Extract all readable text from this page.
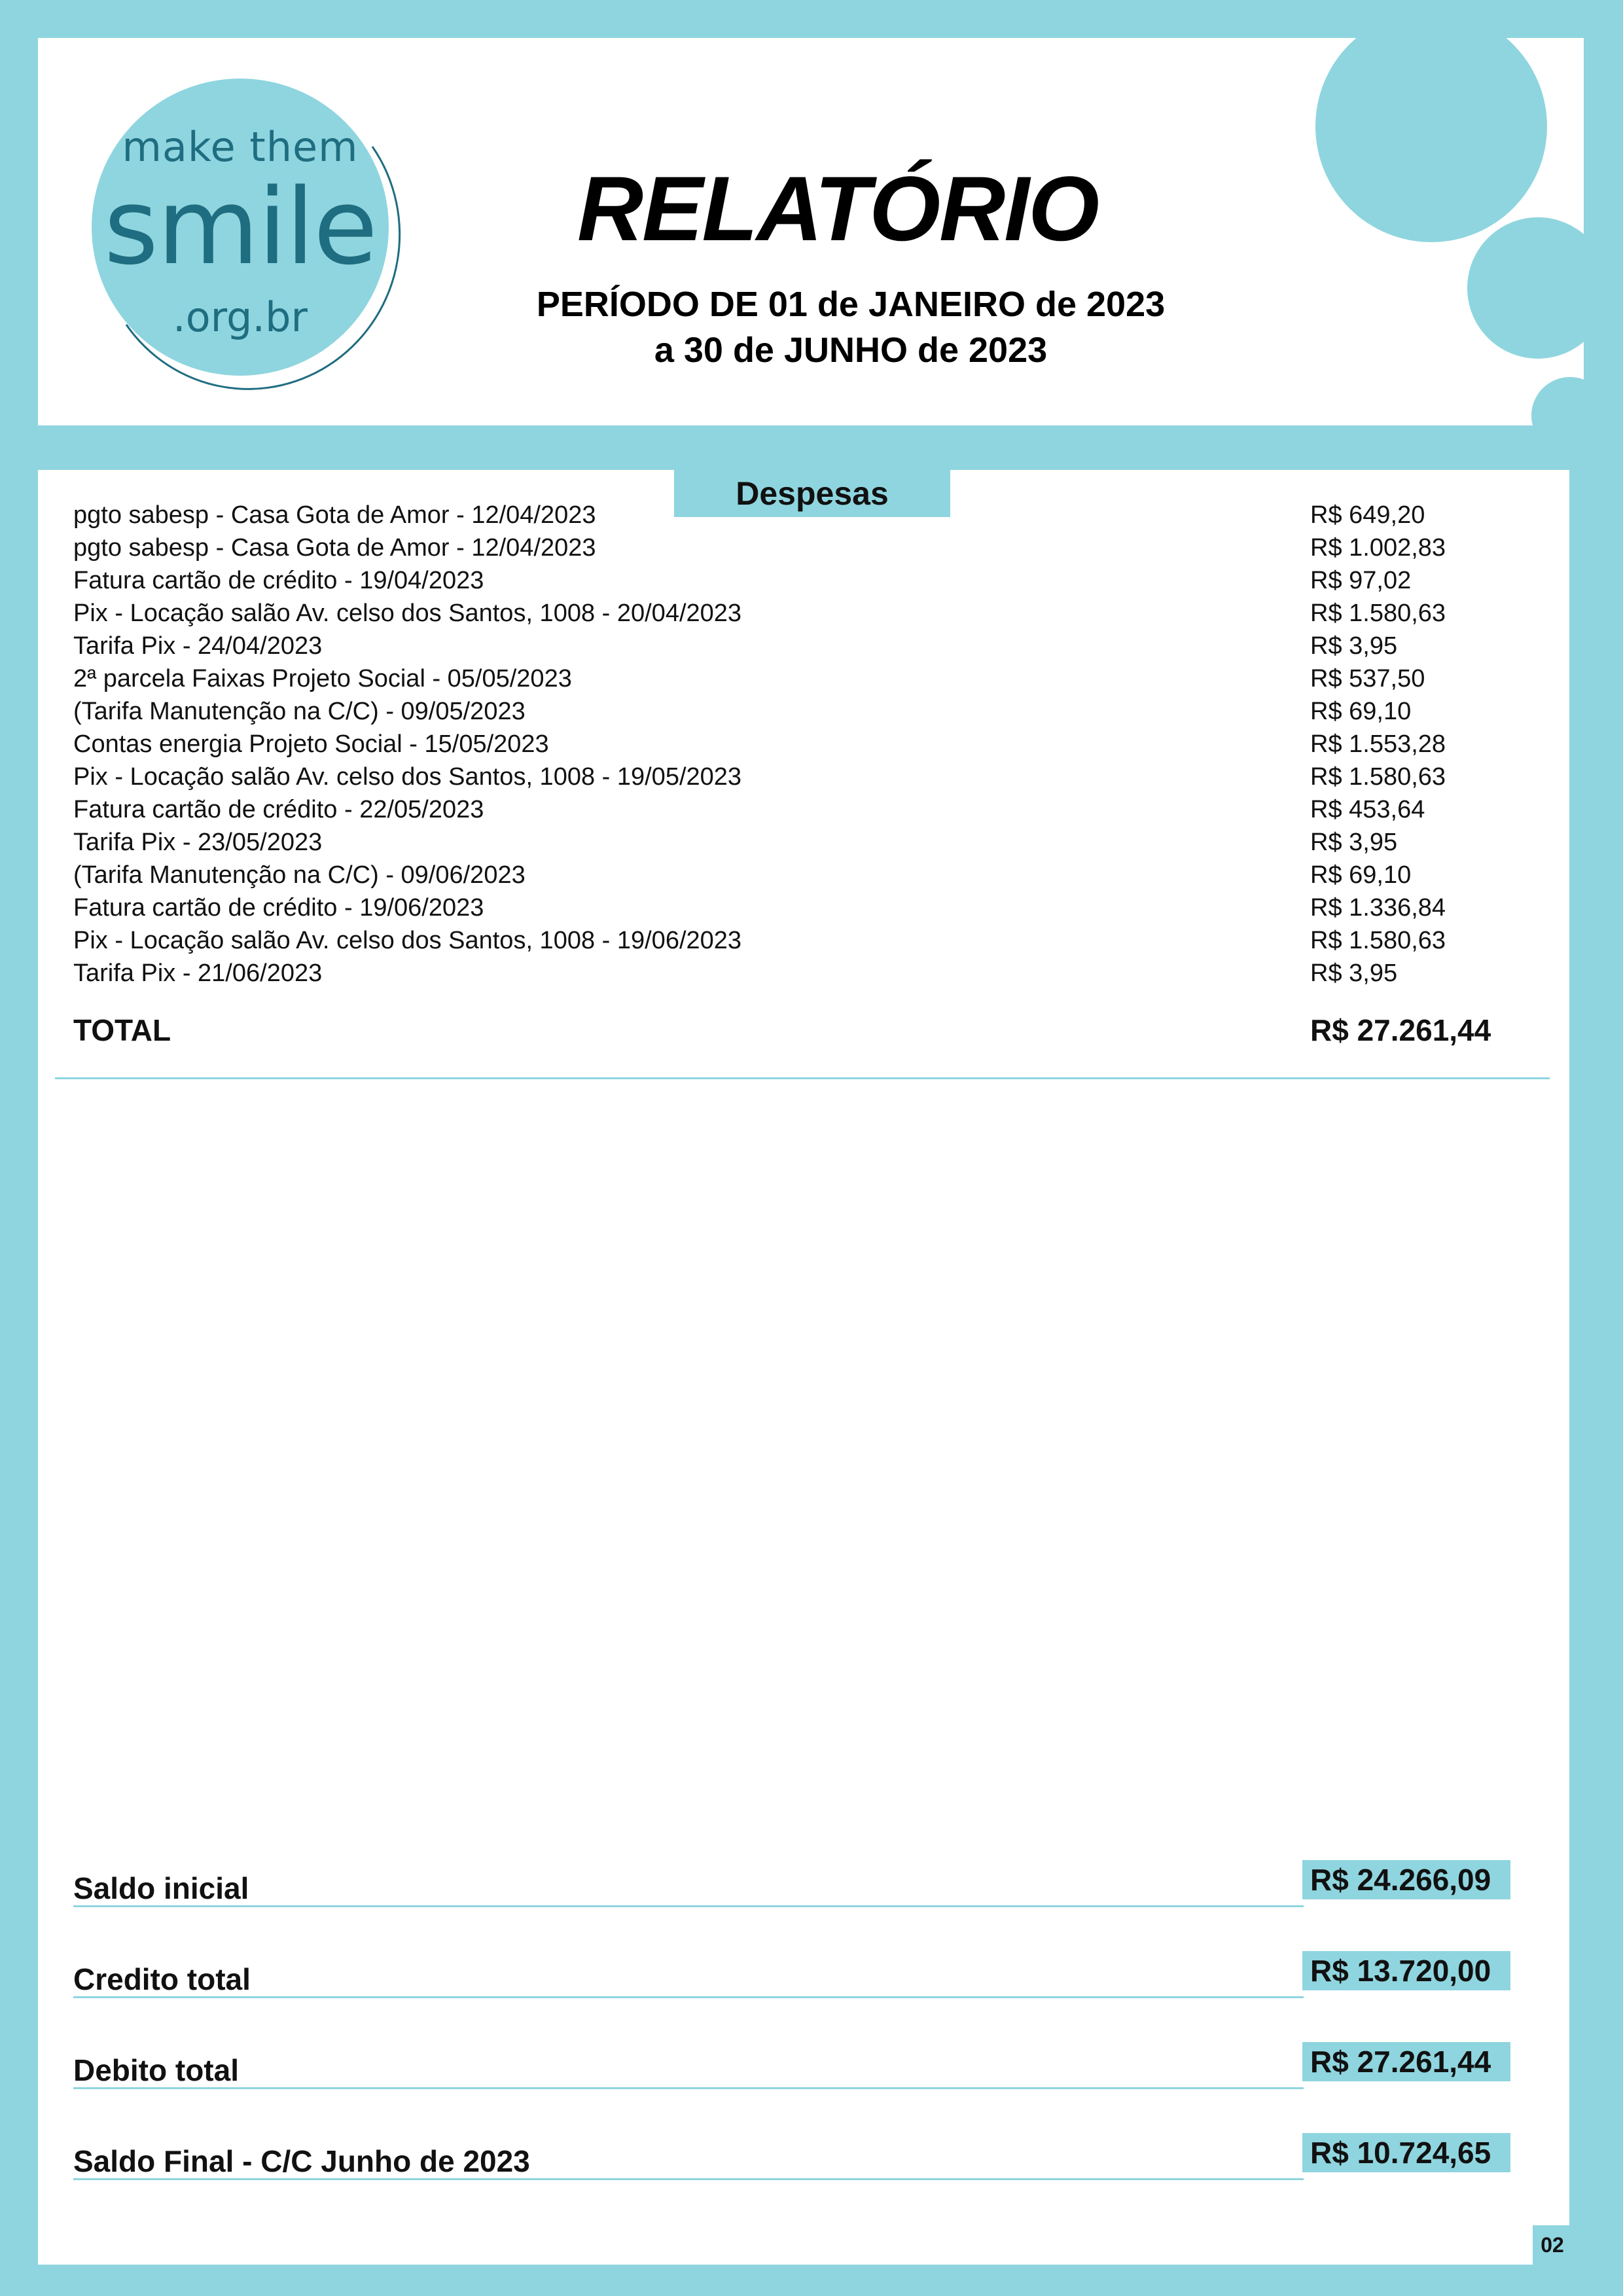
make them
smile
.org.br
RELATÓRIO
PERÍODO DE 01 de JANEIRO de 2023
a 30 de JUNHO de 2023
Despesas
pgto sabesp - Casa Gota de Amor - 12/04/2023	R$ 649,20
pgto sabesp - Casa Gota de Amor - 12/04/2023	R$ 1.002,83
Fatura cartão de crédito - 19/04/2023	R$ 97,02
Pix - Locação salão Av. celso dos Santos, 1008 - 20/04/2023	R$ 1.580,63
Tarifa Pix - 24/04/2023	R$ 3,95
2ª parcela Faixas Projeto Social - 05/05/2023	R$ 537,50
(Tarifa Manutenção na C/C) - 09/05/2023	R$ 69,10
Contas energia Projeto Social - 15/05/2023	R$ 1.553,28
Pix - Locação salão Av. celso dos Santos, 1008 - 19/05/2023	R$ 1.580,63
Fatura cartão de crédito - 22/05/2023	R$ 453,64
Tarifa Pix - 23/05/2023	R$ 3,95
(Tarifa Manutenção na C/C) - 09/06/2023	R$ 69,10
Fatura cartão de crédito - 19/06/2023	R$ 1.336,84
Pix - Locação salão Av. celso dos Santos, 1008 - 19/06/2023	R$ 1.580,63
Tarifa Pix - 21/06/2023	R$ 3,95
TOTAL	R$ 27.261,44
Saldo inicial	R$ 24.266,09
Credito total	R$ 13.720,00
Debito total	R$ 27.261,44
Saldo Final - C/C Junho de 2023	R$ 10.724,65
02
